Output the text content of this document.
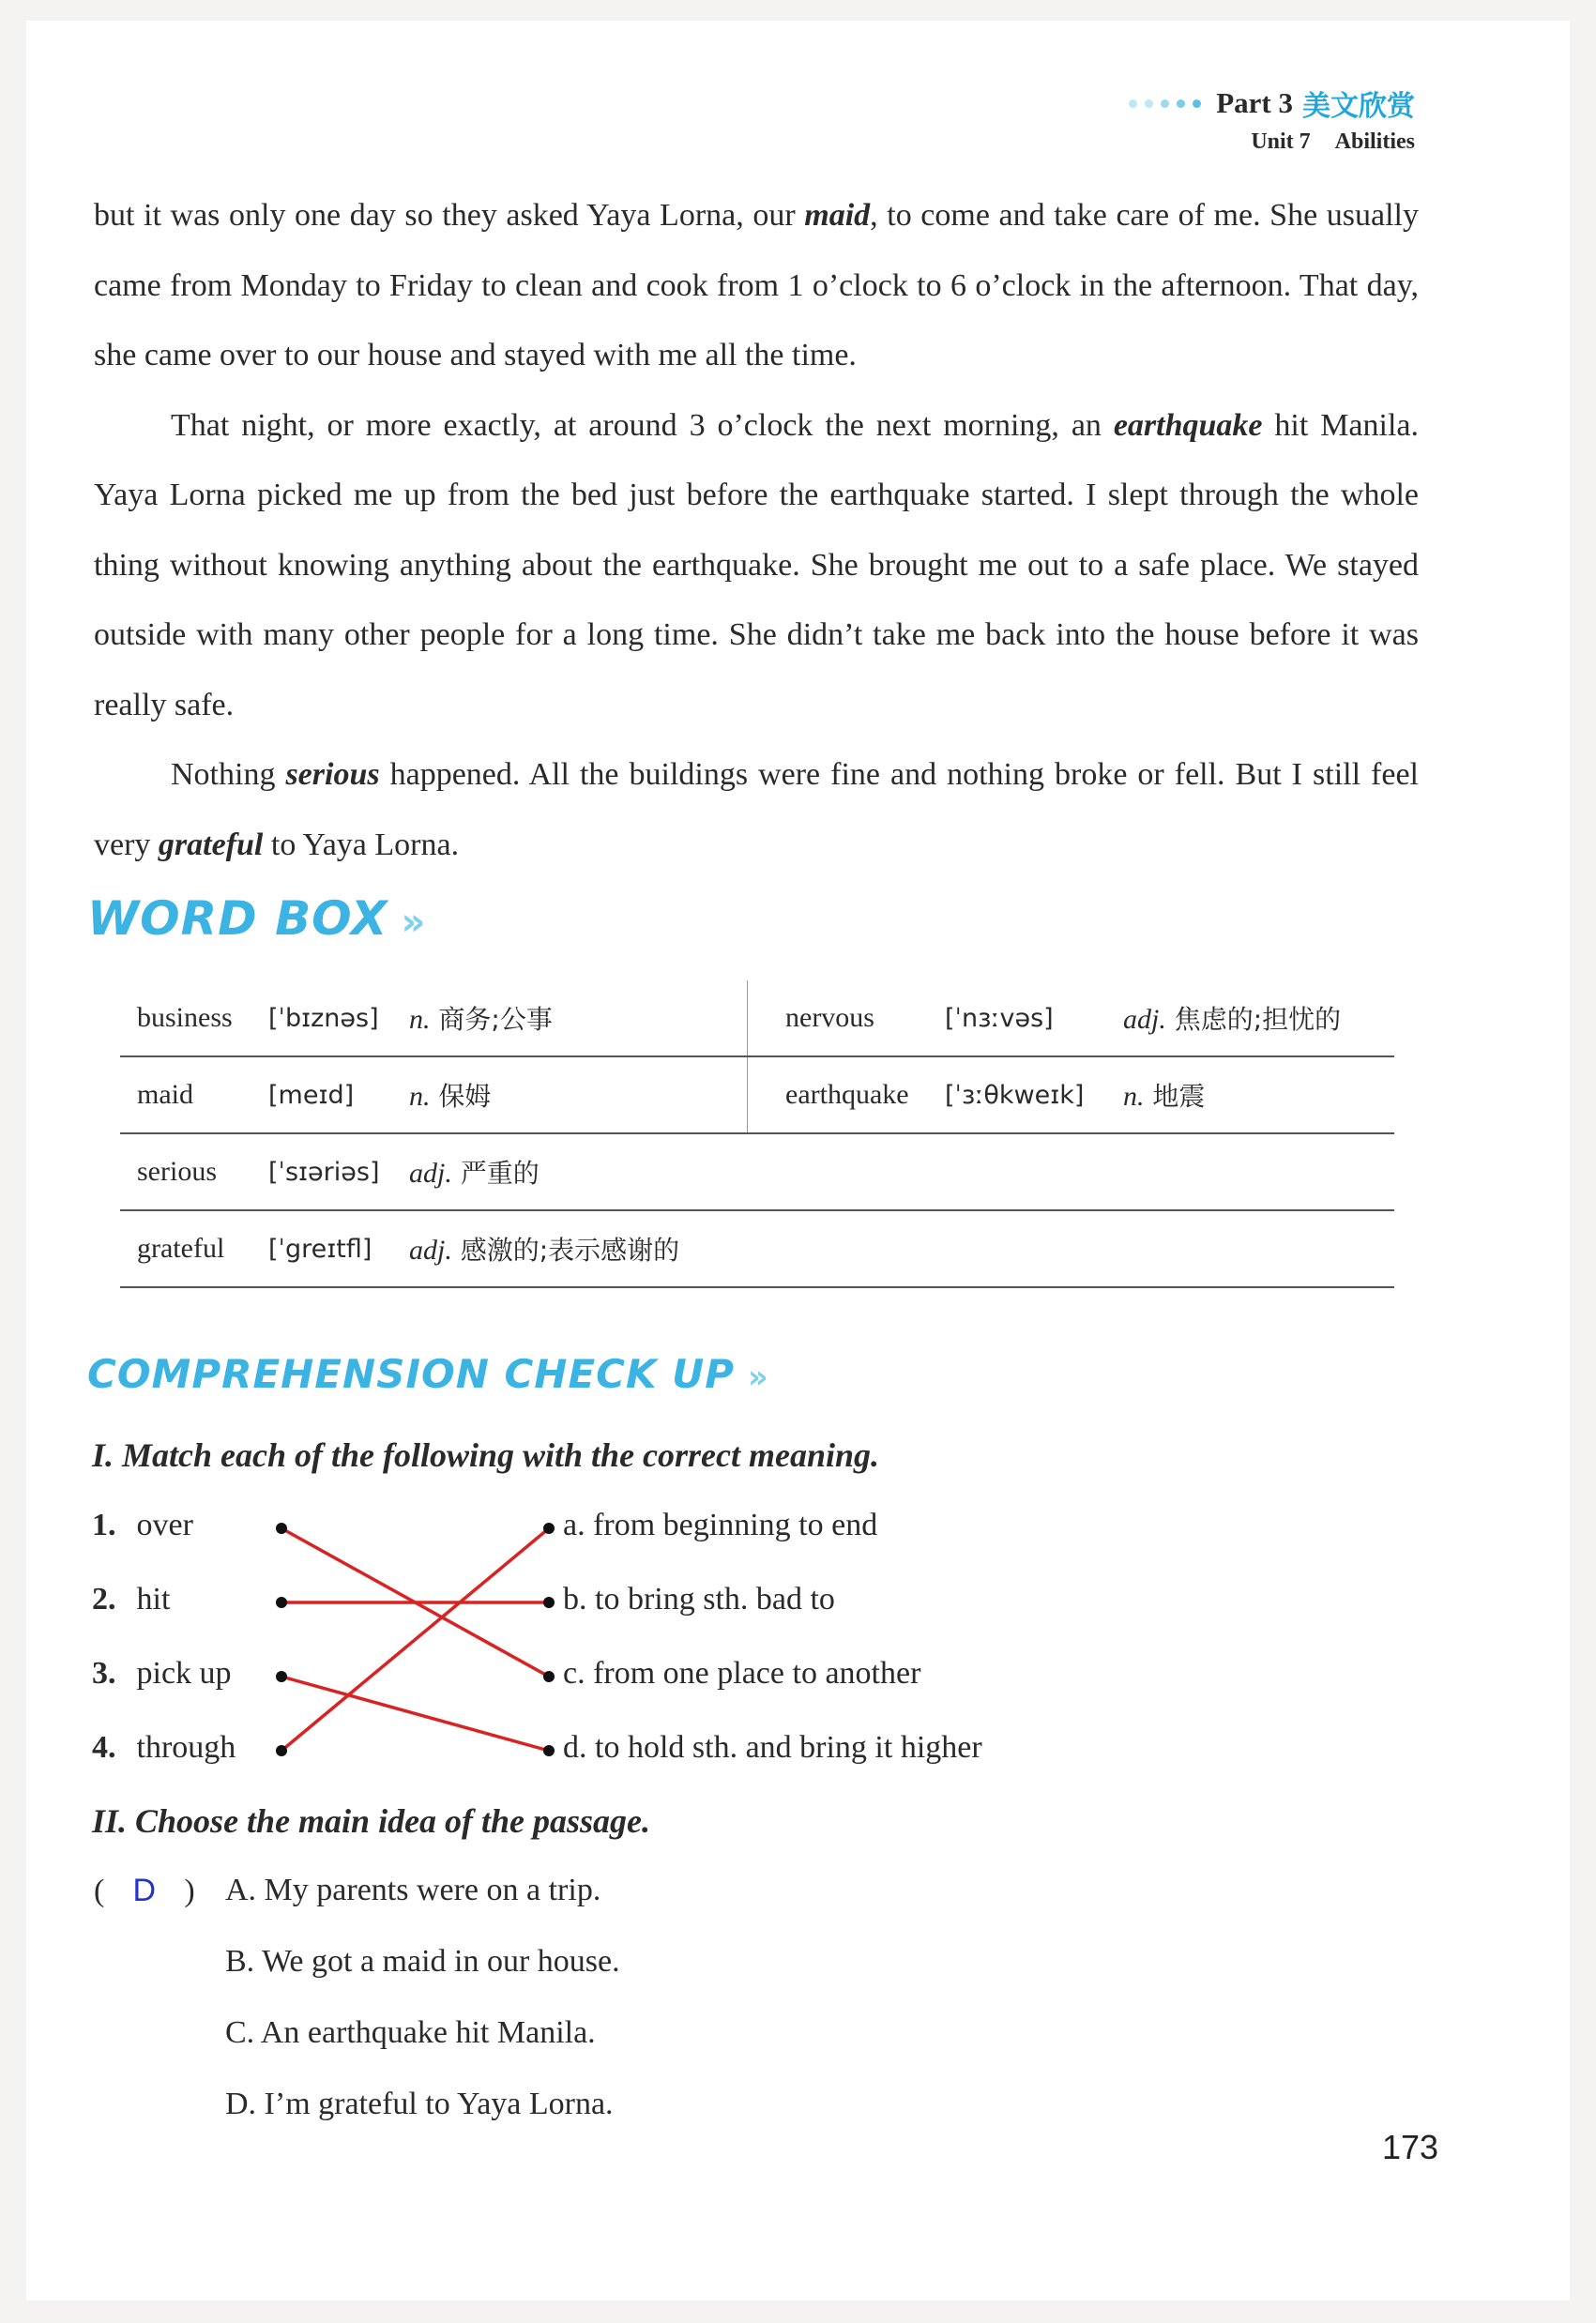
Part 3 美文欣赏
Unit 7 Abilities

but it was only one day so they asked Yaya Lorna, our maid, to come and take care of me. She usually came from Monday to Friday to clean and cook from 1 o’clock to 6 o’clock in the afternoon. That day, she came over to our house and stayed with me all the time.

That night, or more exactly, at around 3 o’clock the next morning, an earthquake hit Manila. Yaya Lorna picked me up from the bed just before the earthquake started. I slept through the whole thing without knowing anything about the earthquake. She brought me out to a safe place. We stayed outside with many other people for a long time. She didn’t take me back into the house before it was really safe.

Nothing serious happened. All the buildings were fine and nothing broke or fell. But I still feel very grateful to Yaya Lorna.

WORD BOX »
business	[ˈbɪznəs]	n. 商务;公事	nervous	[ˈnɜːvəs]	adj. 焦虑的;担忧的
maid	[meɪd]	n. 保姆	earthquake	[ˈɜːθkweɪk]	n. 地震
serious	[ˈsɪəriəs]	adj. 严重的			
grateful	[ˈgreɪtfl]	adj. 感激的;表示感谢的			
COMPREHENSION CHECK UP »
I. Match each of the following with the correct meaning.
1. over
2. hit
3. pick up
4. through
a. from beginning to end
b. to bring sth. bad to
c. from one place to another
d. to hold sth. and bring it higher
II. Choose the main idea of the passage.
( D ) A. My parents were on a trip.
B. We got a maid in our house.
C. An earthquake hit Manila.
D. I’m grateful to Yaya Lorna.
173
